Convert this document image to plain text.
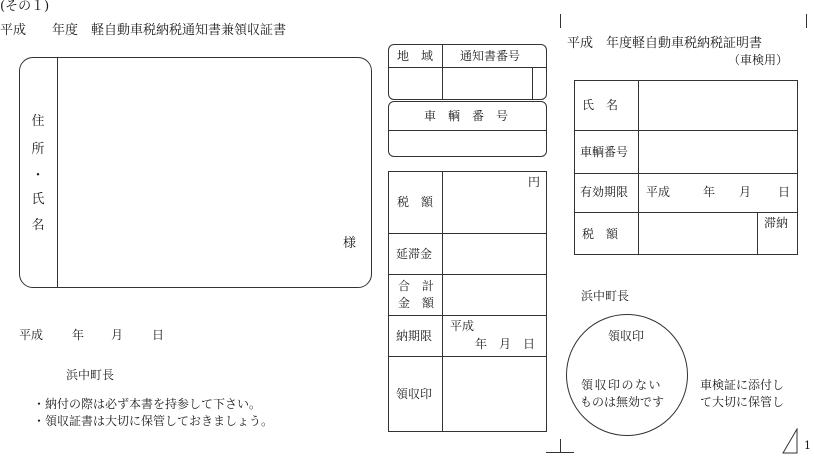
(その１)
平成　　年度　軽自動車税納税通知書兼領収証書
住
所
・
氏
名
様
平成 年 月 日
浜中町長
・納付の際は必ず本書を持参して下さい。
・領収証書は大切に保管しておきましょう。
地　域 通知書番号
車　輌　番　号
税　額
円
延滞金
合　計
金　額
納期限
平成
年　月　日
領収印
平成　年度軽自動車税納税証明書
（車検用）
氏　名
車輌番号
有効期限 平成	年 月 日
税　額
滞納
浜中町長
領収印
領収印のない
ものは無効です
車検証に添付し
て大切に保管し
1
